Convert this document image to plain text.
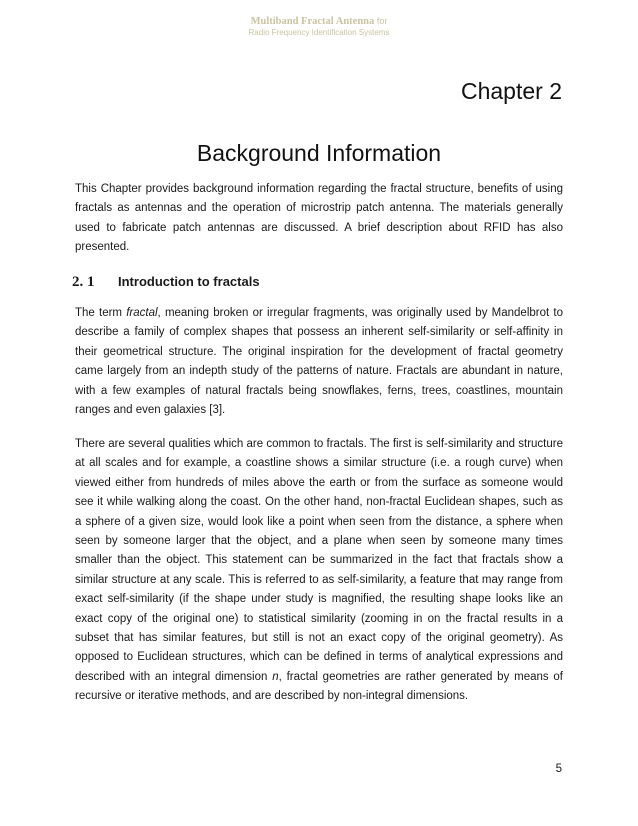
Multiband Fractal Antenna for
Radio Frequency Identification Systems
Chapter 2
Background Information

This Chapter provides background information regarding the fractal structure, benefits of using fractals as antennas and the operation of microstrip patch antenna. The materials generally used to fabricate patch antennas are discussed. A brief description about RFID has also presented.

2. 1 Introduction to fractals

The term fractal, meaning broken or irregular fragments, was originally used by Mandelbrot to describe a family of complex shapes that possess an inherent self-similarity or self-affinity in their geometrical structure. The original inspiration for the development of fractal geometry came largely from an indepth study of the patterns of nature. Fractals are abundant in nature, with a few examples of natural fractals being snowflakes, ferns, trees, coastlines, mountain ranges and even galaxies [3].

There are several qualities which are common to fractals. The first is self-similarity and structure at all scales and for example, a coastline shows a similar structure (i.e. a rough curve) when viewed either from hundreds of miles above the earth or from the surface as someone would see it while walking along the coast. On the other hand, non-fractal Euclidean shapes, such as a sphere of a given size, would look like a point when seen from the distance, a sphere when seen by someone larger that the object, and a plane when seen by someone many times smaller than the object. This statement can be summarized in the fact that fractals show a similar structure at any scale. This is referred to as self-similarity, a feature that may range from exact self-similarity (if the shape under study is magnified, the resulting shape looks like an exact copy of the original one) to statistical similarity (zooming in on the fractal results in a subset that has similar features, but still is not an exact copy of the original geometry). As opposed to Euclidean structures, which can be defined in terms of analytical expressions and described with an integral dimension n, fractal geometries are rather generated by means of recursive or iterative methods, and are described by non-integral dimensions.

5
